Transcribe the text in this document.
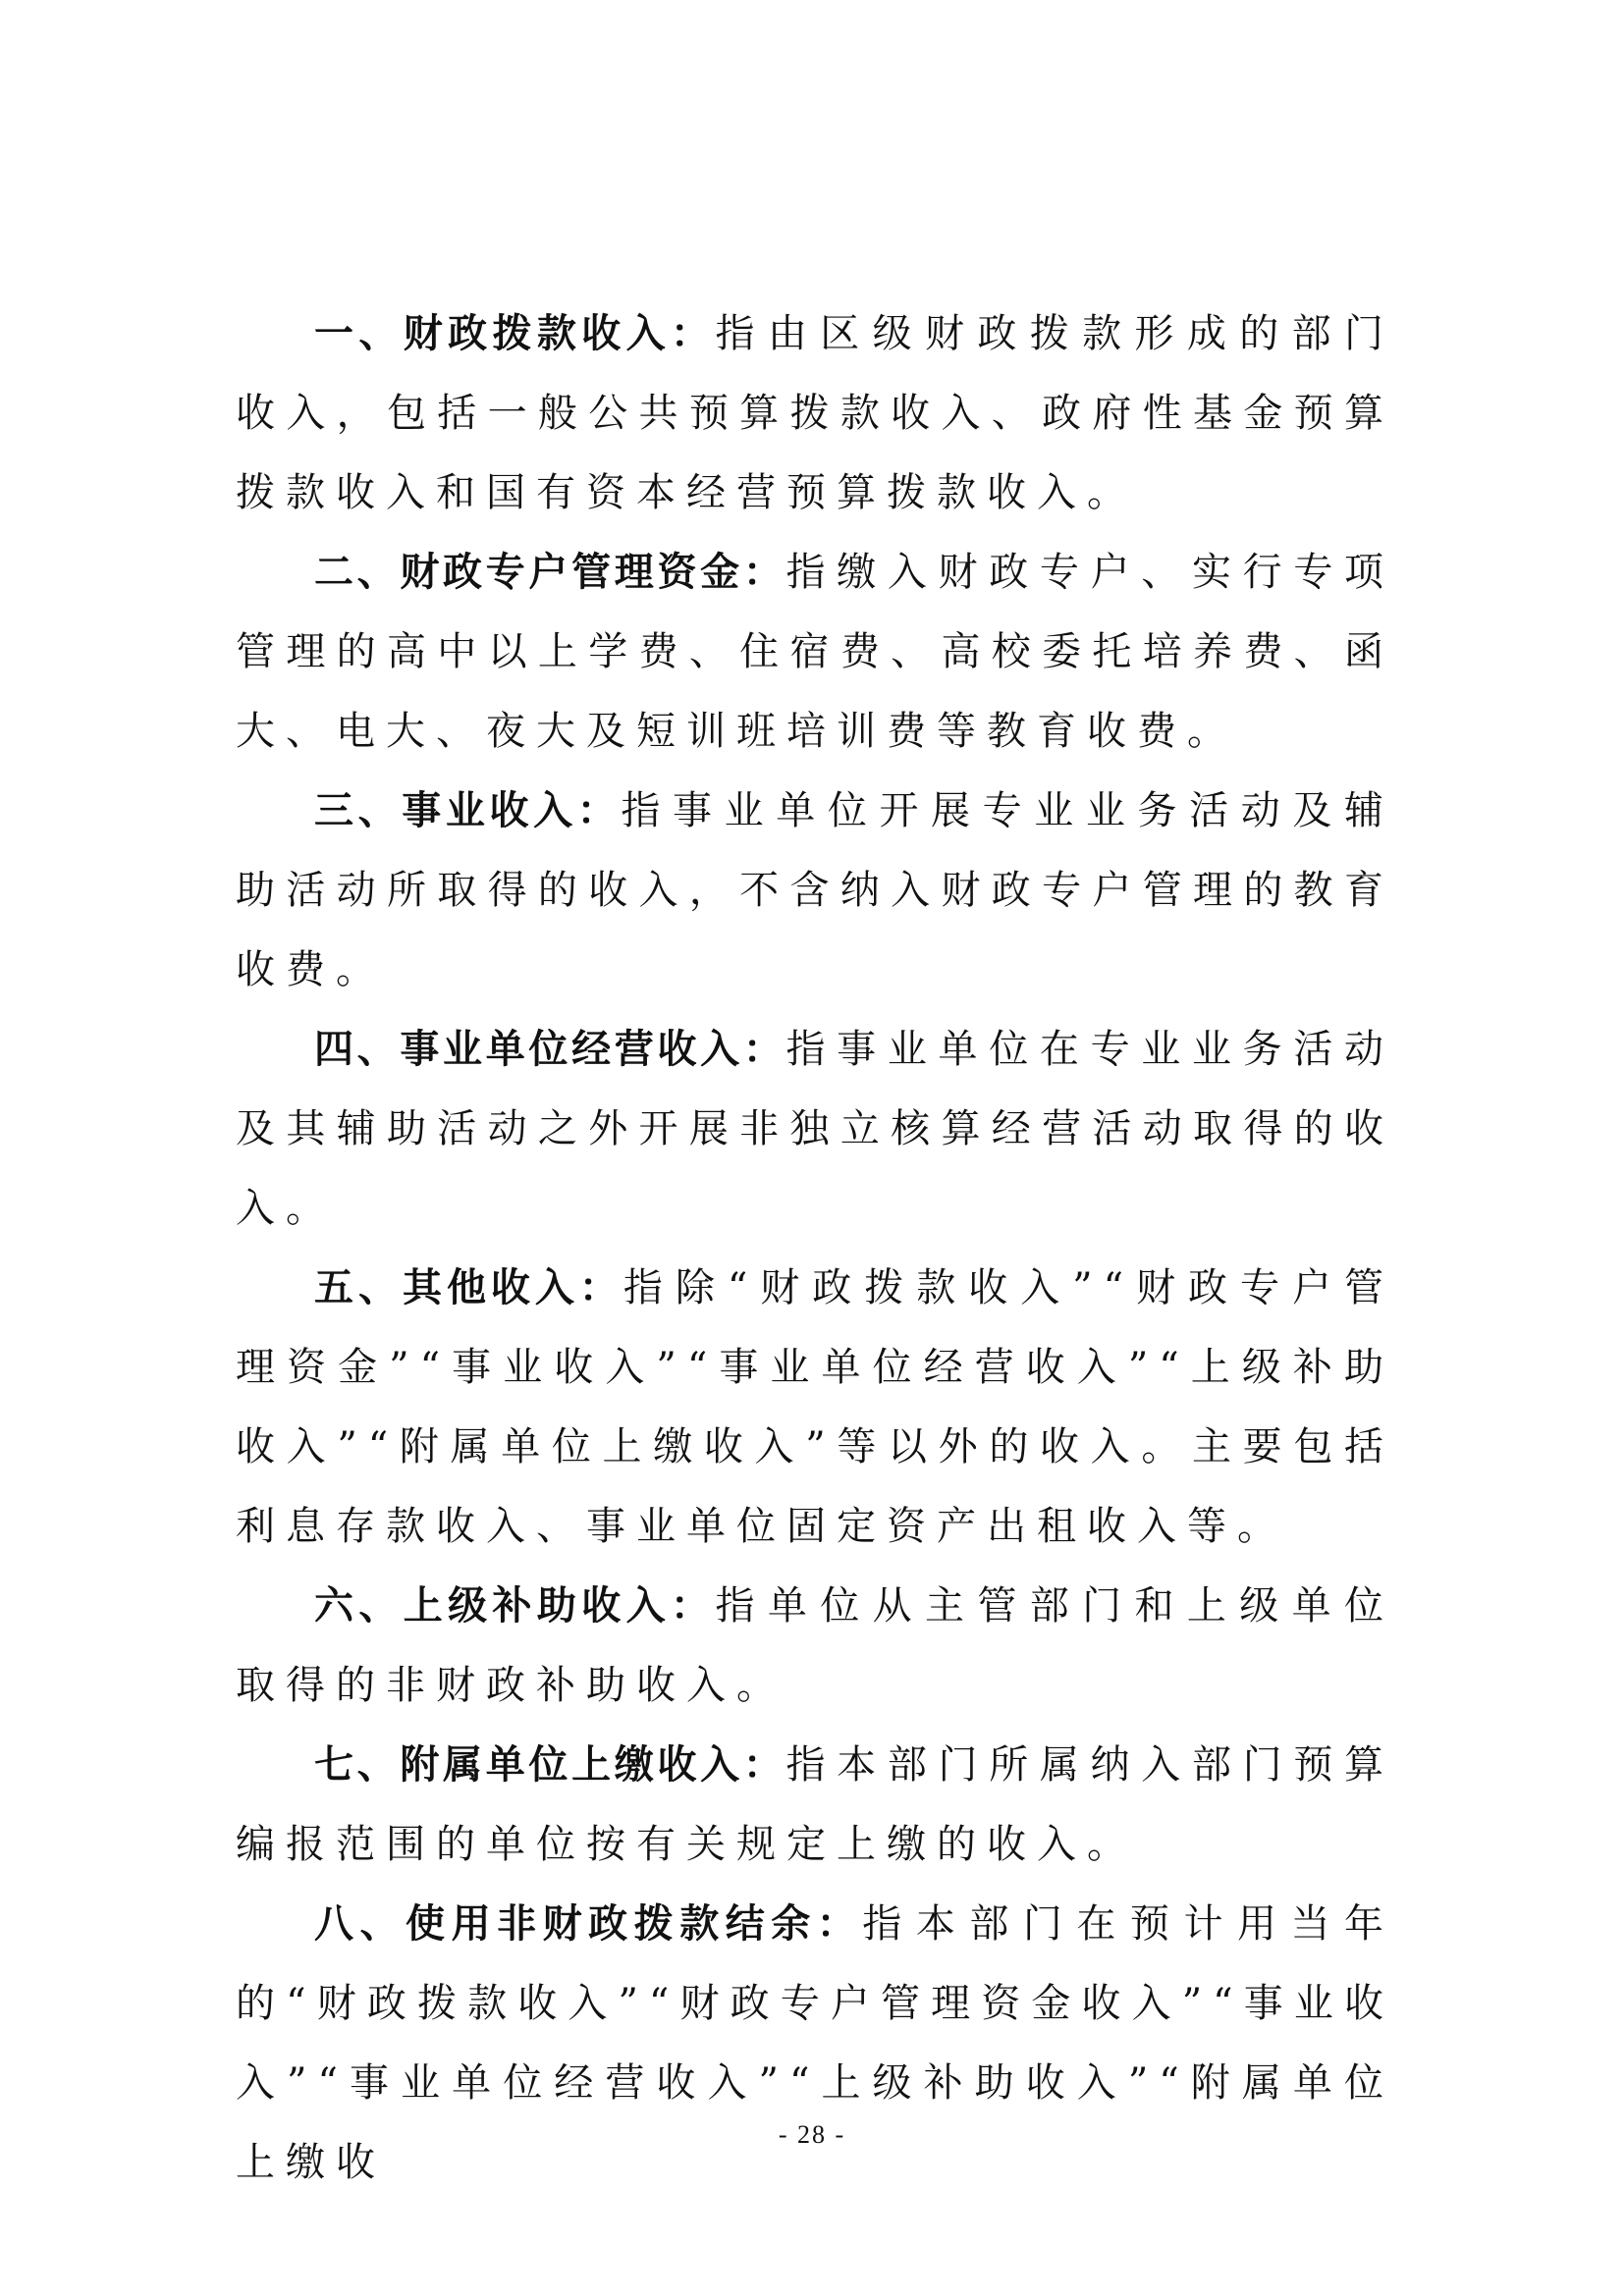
一、财政拨款收入：指由区级财政拨款形成的部门收入，包括一般公共预算拨款收入、政府性基金预算拨款收入和国有资本经营预算拨款收入。

二、财政专户管理资金：指缴入财政专户、实行专项管理的高中以上学费、住宿费、高校委托培养费、函大、电大、夜大及短训班培训费等教育收费。

三、事业收入：指事业单位开展专业业务活动及辅助活动所取得的收入，不含纳入财政专户管理的教育收费。

四、事业单位经营收入：指事业单位在专业业务活动及其辅助活动之外开展非独立核算经营活动取得的收入。

五、其他收入：指除“财政拨款收入”“财政专户管理资金”“事业收入”“事业单位经营收入”“上级补助收入”“附属单位上缴收入”等以外的收入。主要包括利息存款收入、事业单位固定资产出租收入等。

六、上级补助收入：指单位从主管部门和上级单位取得的非财政补助收入。

七、附属单位上缴收入：指本部门所属纳入部门预算编报范围的单位按有关规定上缴的收入。

八、使用非财政拨款结余：指本部门在预计用当年的“财政拨款收入”“财政专户管理资金收入”“事业收入”“事业单位经营收入”“上级补助收入”“附属单位上缴收

- 28 -
